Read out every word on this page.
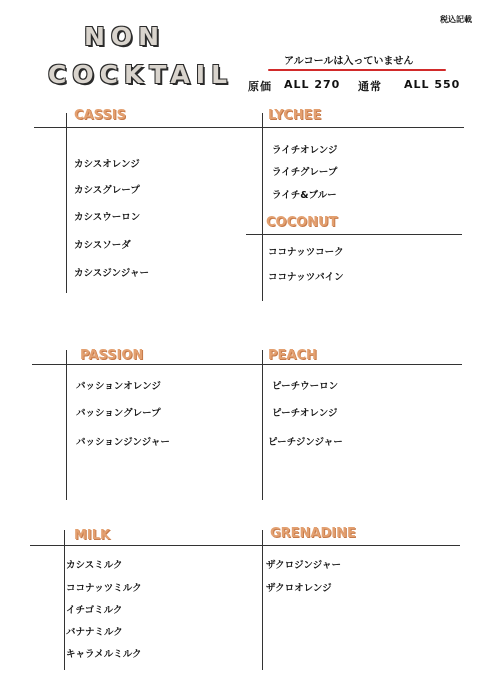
税込記載
NON
COCKTAIL	アルコールは入っていません
原価 ALL 270 通常 ALL 550
CASSIS
カシスオレンジ
カシスグレープ
カシスウーロン
カシスソーダ
カシスジンジャー
LYCHEE
ライチオレンジ
ライチグレープ
ライチ&ブルー
COCONUT
ココナッツコーク
ココナッツパイン
PASSION
パッションオレンジ
パッショングレープ
パッションジンジャー
PEACH
ピーチウーロン
ピーチオレンジ
ピーチジンジャー
MILK
カシスミルク
ココナッツミルク
イチゴミルク
バナナミルク
キャラメルミルク
GRENADINE
ザクロジンジャー
ザクロオレンジ
